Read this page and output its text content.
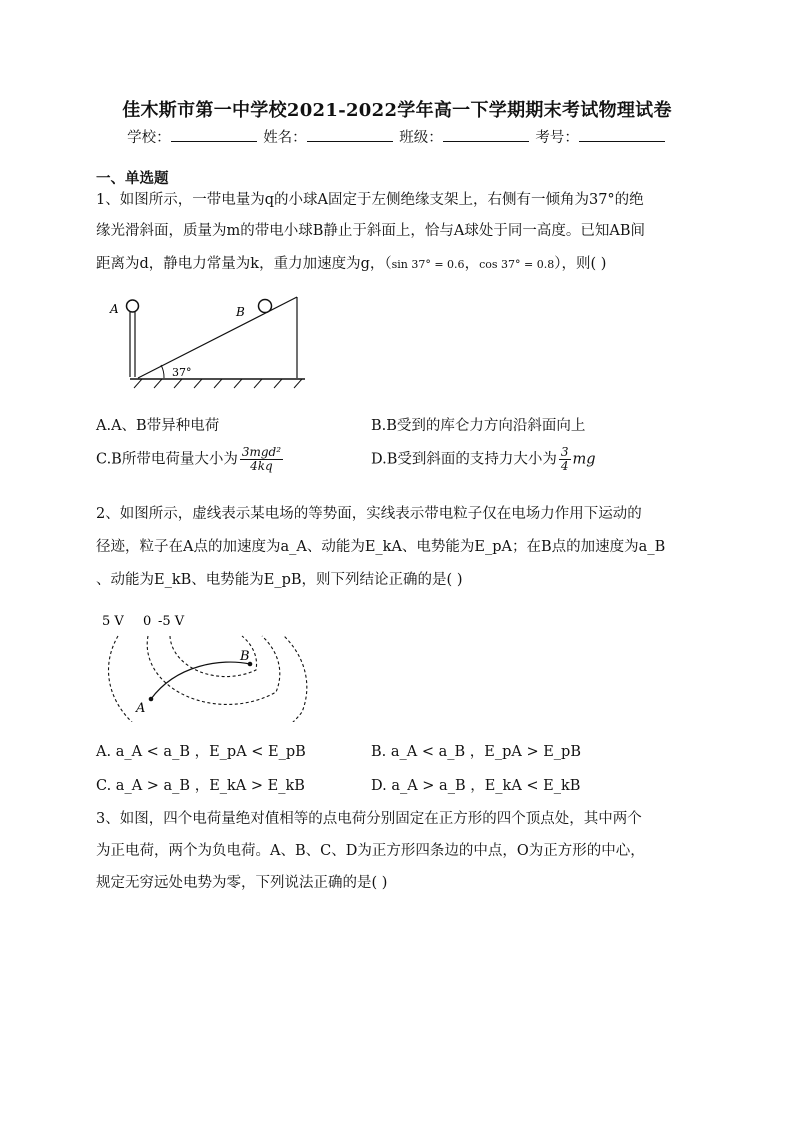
佳木斯市第一中学校2021-2022学年高一下学期期末考试物理试卷
学校：	姓名：	班级：	考号：
一、单选题
1、如图所示，一带电量为q的小球A固定于左侧绝缘支架上，右侧有一倾角为37°的绝
缘光滑斜面，质量为m的带电小球B静止于斜面上，恰与A球处于同一高度。已知AB间
距离为d，静电力常量为k，重力加速度为g，（sin 37° = 0.6，cos 37° = 0.8），则( )
A	B
37°
A.A、B带异种电荷	B.B受到的库仑力方向沿斜面向上
C.B所带电荷量大小为 $\frac{\text{3mgd²}}{4kq}$	D.B受到斜面的支持力大小为 $\frac{3}{4}$ mg
2、如图所示，虚线表示某电场的等势面，实线表示带电粒子仅在电场力作用下运动的
径迹，粒子在A点的加速度为a_A、动能为E_kA、电势能为E_pA；在B点的加速度为a_B
、动能为E_kB、电势能为E_pB，则下列结论正确的是( )
5 V 0 -5 V
A
B
A. a_A < a_B ，E_pA < E_pB	B. a_A < a_B ，E_pA > E_pB
C. a_A > a_B ，E_kA > E_kB	D. a_A > a_B ，E_kA < E_kB
3、如图，四个电荷量绝对值相等的点电荷分别固定在正方形的四个顶点处，其中两个
为正电荷，两个为负电荷。A、B、C、D为正方形四条边的中点，O为正方形的中心，
规定无穷远处电势为零，下列说法正确的是( )
